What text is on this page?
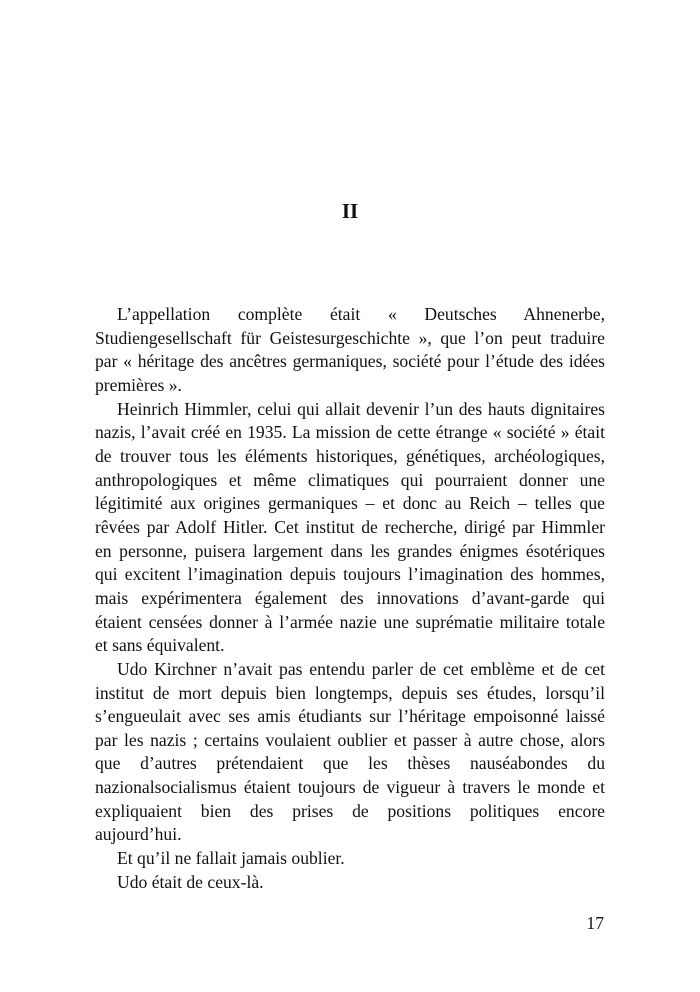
II
L’appellation complète était « Deutsches Ahnenerbe,
Studiengesellschaft für Geistesurgeschichte », que l’on peut traduire
par « héritage des ancêtres germaniques, société pour l’étude des idées
premières ».
Heinrich Himmler, celui qui allait devenir l’un des hauts dignitaires
nazis, l’avait créé en 1935. La mission de cette étrange « société » était
de trouver tous les éléments historiques, génétiques, archéologiques,
anthropologiques et même climatiques qui pourraient donner une
légitimité aux origines germaniques – et donc au Reich – telles que
rêvées par Adolf Hitler. Cet institut de recherche, dirigé par Himmler
en personne, puisera largement dans les grandes énigmes ésotériques
qui excitent l’imagination depuis toujours l’imagination des hommes,
mais expérimentera également des innovations d’avant-garde qui
étaient censées donner à l’armée nazie une suprématie militaire totale
et sans équivalent.
Udo Kirchner n’avait pas entendu parler de cet emblème et de cet
institut de mort depuis bien longtemps, depuis ses études, lorsqu’il
s’engueulait avec ses amis étudiants sur l’héritage empoisonné laissé
par les nazis ; certains voulaient oublier et passer à autre chose, alors
que d’autres prétendaient que les thèses nauséabondes du
nazionalsocialismus étaient toujours de vigueur à travers le monde et
expliquaient bien des prises de positions politiques encore
aujourd’hui.
Et qu’il ne fallait jamais oublier.
Udo était de ceux-là.
17
